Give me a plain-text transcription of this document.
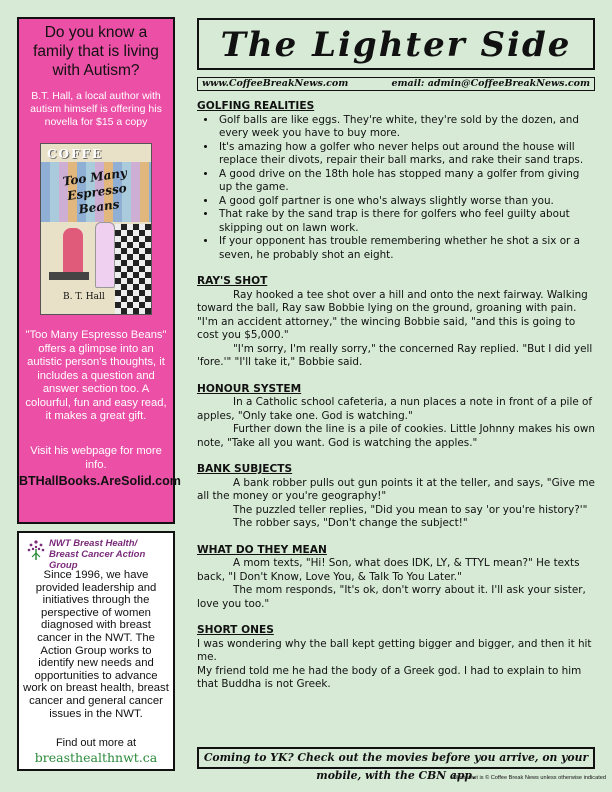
Do you know a family that is living with Autism?
B.T. Hall, a local author with autism himself is offering his novella for $15 a copy
COFFE
Too Many Espresso Beans
B. T. Hall
"Too Many Espresso Beans" offers a glimpse into an autistic person's thoughts, it includes a question and answer section too. A colourful, fun and easy read, it makes a great gift.
Visit his webpage for more info.
BTHallBooks.AreSolid.com
NWT Breast Health/
Breast Cancer Action Group
Since 1996, we have provided leadership and initiatives through the perspective of women diagnosed with breast cancer in the NWT. The Action Group works to identify new needs and opportunities to advance work on breast health, breast cancer and general cancer issues in the NWT.
Find out more at
breasthealthnwt.ca
The Lighter Side
www.CoffeeBreakNews.com	email: admin@CoffeeBreakNews.com
GOLFING REALITIES
• Golf balls are like eggs. They're white, they're sold by the dozen, and every week you have to buy more.
• It's amazing how a golfer who never helps out around the house will replace their divots, repair their ball marks, and rake their sand traps.
• A good drive on the 18th hole has stopped many a golfer from giving up the game.
• A good golf partner is one who's always slightly worse than you.
• That rake by the sand trap is there for golfers who feel guilty about skipping out on lawn work.
• If your opponent has trouble remembering whether he shot a six or a seven, he probably shot an eight.
RAY'S SHOT

Ray hooked a tee shot over a hill and onto the next fairway. Walking toward the ball, Ray saw Bobbie lying on the ground, groaning with pain. "I'm an accident attorney," the wincing Bobbie said, "and this is going to cost you $5,000."

"I'm sorry, I'm really sorry," the concerned Ray replied. "But I did yell 'fore.'" "I'll take it," Bobbie said.

HONOUR SYSTEM

In a Catholic school cafeteria, a nun places a note in front of a pile of apples, "Only take one. God is watching."

Further down the line is a pile of cookies. Little Johnny makes his own note, "Take all you want. God is watching the apples."

BANK SUBJECTS

A bank robber pulls out gun points it at the teller, and says, "Give me all the money or you're geography!"

The puzzled teller replies, "Did you mean to say 'or you're history?'"

The robber says, "Don't change the subject!"

WHAT DO THEY MEAN

A mom texts, "Hi! Son, what does IDK, LY, & TTYL mean?" He texts back, "I Don't Know, Love You, & Talk To You Later."

The mom responds, "It's ok, don't worry about it. I'll ask your sister, love you too."

SHORT ONES

I was wondering why the ball kept getting bigger and bigger, and then it hit me.

My friend told me he had the body of a Greek god. I had to explain to him that Buddha is not Greek.

Coming to YK? Check out the movies before you arrive, on your mobile, with the CBN app.
All content is © Coffee Break News unless otherwise indicated
